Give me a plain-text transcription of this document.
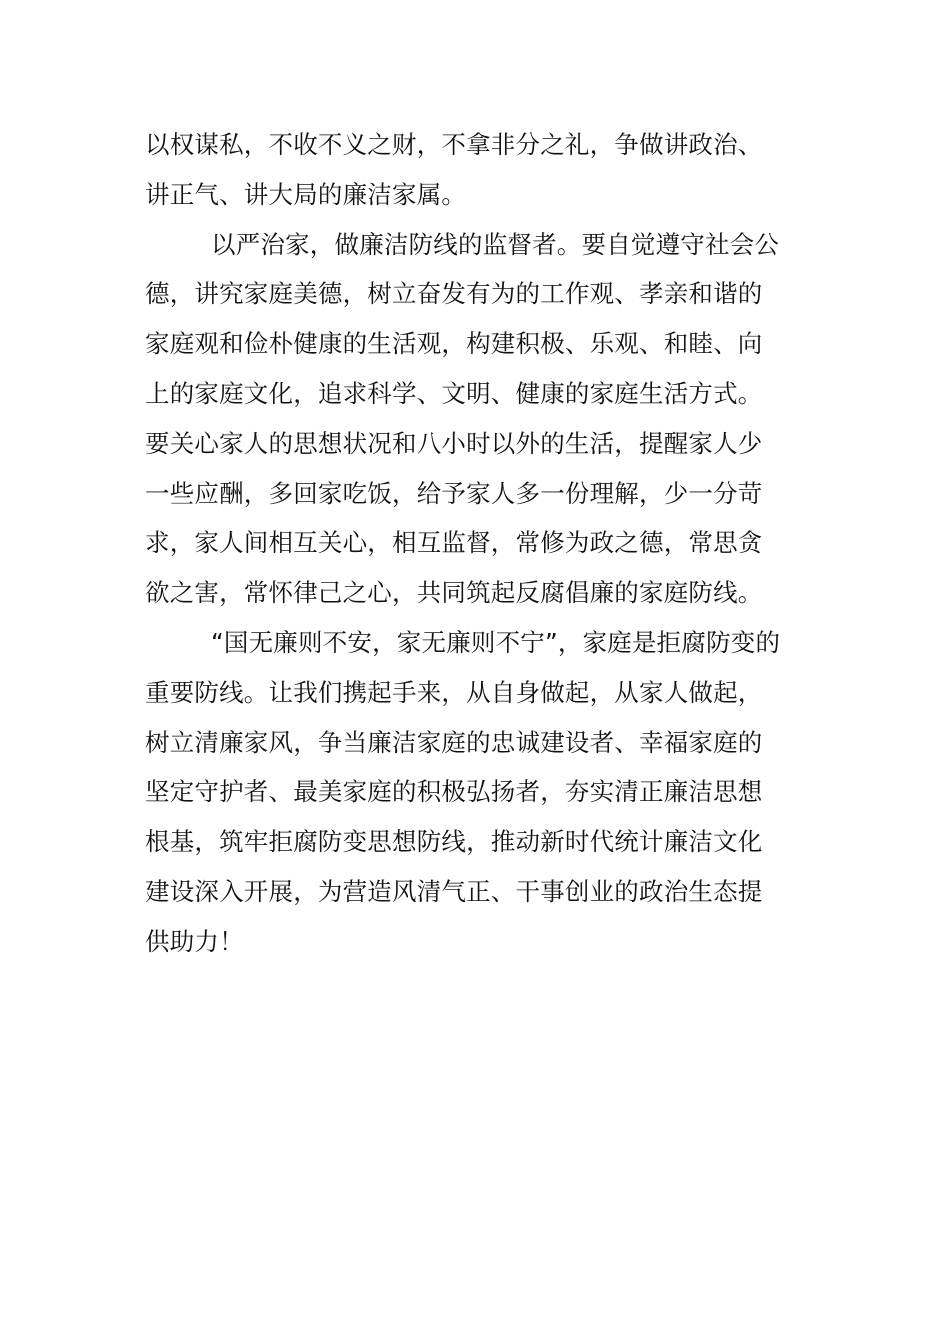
以权谋私，不收不义之财，不拿非分之礼，争做讲政治、
讲正气、讲大局的廉洁家属。
以严治家，做廉洁防线的监督者。要自觉遵守社会公
德，讲究家庭美德，树立奋发有为的工作观、孝亲和谐的
家庭观和俭朴健康的生活观，构建积极、乐观、和睦、向
上的家庭文化，追求科学、文明、健康的家庭生活方式。
要关心家人的思想状况和八小时以外的生活，提醒家人少
一些应酬，多回家吃饭，给予家人多一份理解，少一分苛
求，家人间相互关心，相互监督，常修为政之德，常思贪
欲之害，常怀律己之心，共同筑起反腐倡廉的家庭防线。
“国无廉则不安，家无廉则不宁”，家庭是拒腐防变的
重要防线。让我们携起手来，从自身做起，从家人做起，
树立清廉家风，争当廉洁家庭的忠诚建设者、幸福家庭的
坚定守护者、最美家庭的积极弘扬者，夯实清正廉洁思想
根基，筑牢拒腐防变思想防线，推动新时代统计廉洁文化
建设深入开展，为营造风清气正、干事创业的政治生态提
供助力！
